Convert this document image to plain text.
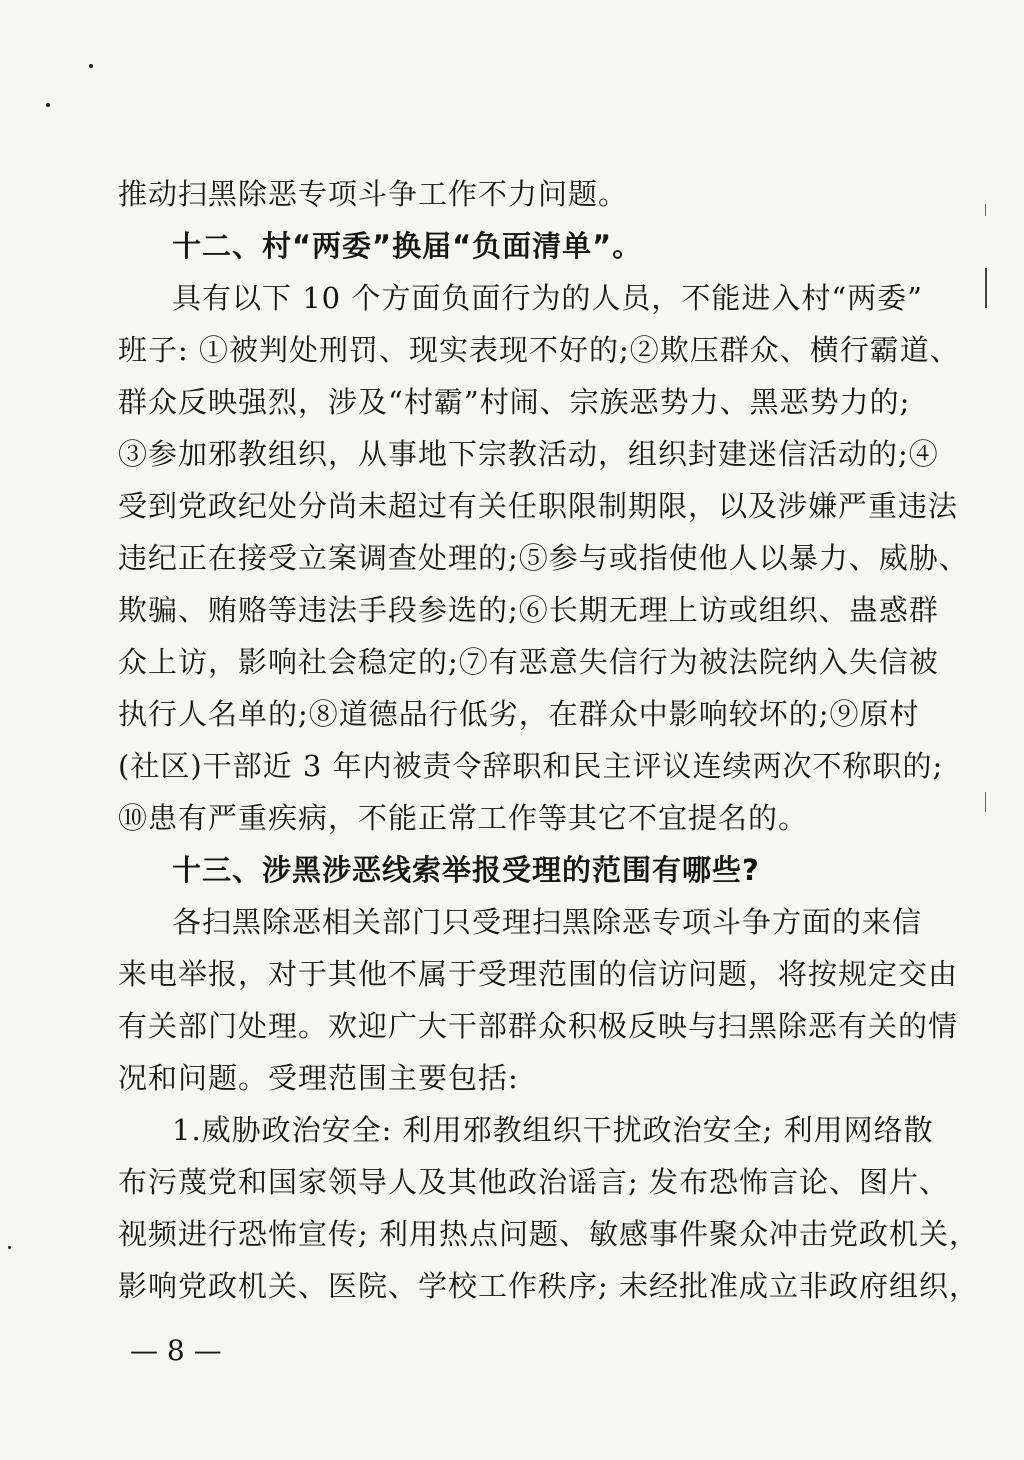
推动扫黑除恶专项斗争工作不力问题。
十二、村“两委”换届“负面清单”。
具有以下 10 个方面负面行为的人员，不能进入村“两委”
班子: ①被判处刑罚、现实表现不好的;②欺压群众、横行霸道、
群众反映强烈，涉及“村霸”村闹、宗族恶势力、黑恶势力的;
③参加邪教组织，从事地下宗教活动，组织封建迷信活动的;④
受到党政纪处分尚未超过有关任职限制期限，以及涉嫌严重违法
违纪正在接受立案调查处理的;⑤参与或指使他人以暴力、威胁、
欺骗、贿赂等违法手段参选的;⑥长期无理上访或组织、蛊惑群
众上访，影响社会稳定的;⑦有恶意失信行为被法院纳入失信被
执行人名单的;⑧道德品行低劣，在群众中影响较坏的;⑨原村
(社区)干部近 3 年内被责令辞职和民主评议连续两次不称职的;
⑩患有严重疾病，不能正常工作等其它不宜提名的。
十三、涉黑涉恶线索举报受理的范围有哪些?
各扫黑除恶相关部门只受理扫黑除恶专项斗争方面的来信
来电举报，对于其他不属于受理范围的信访问题，将按规定交由
有关部门处理。欢迎广大干部群众积极反映与扫黑除恶有关的情
况和问题。受理范围主要包括:
1.威胁政治安全: 利用邪教组织干扰政治安全; 利用网络散
布污蔑党和国家领导人及其他政治谣言; 发布恐怖言论、图片、
视频进行恐怖宣传; 利用热点问题、敏感事件聚众冲击党政机关，
影响党政机关、医院、学校工作秩序; 未经批准成立非政府组织，
— 8 —
